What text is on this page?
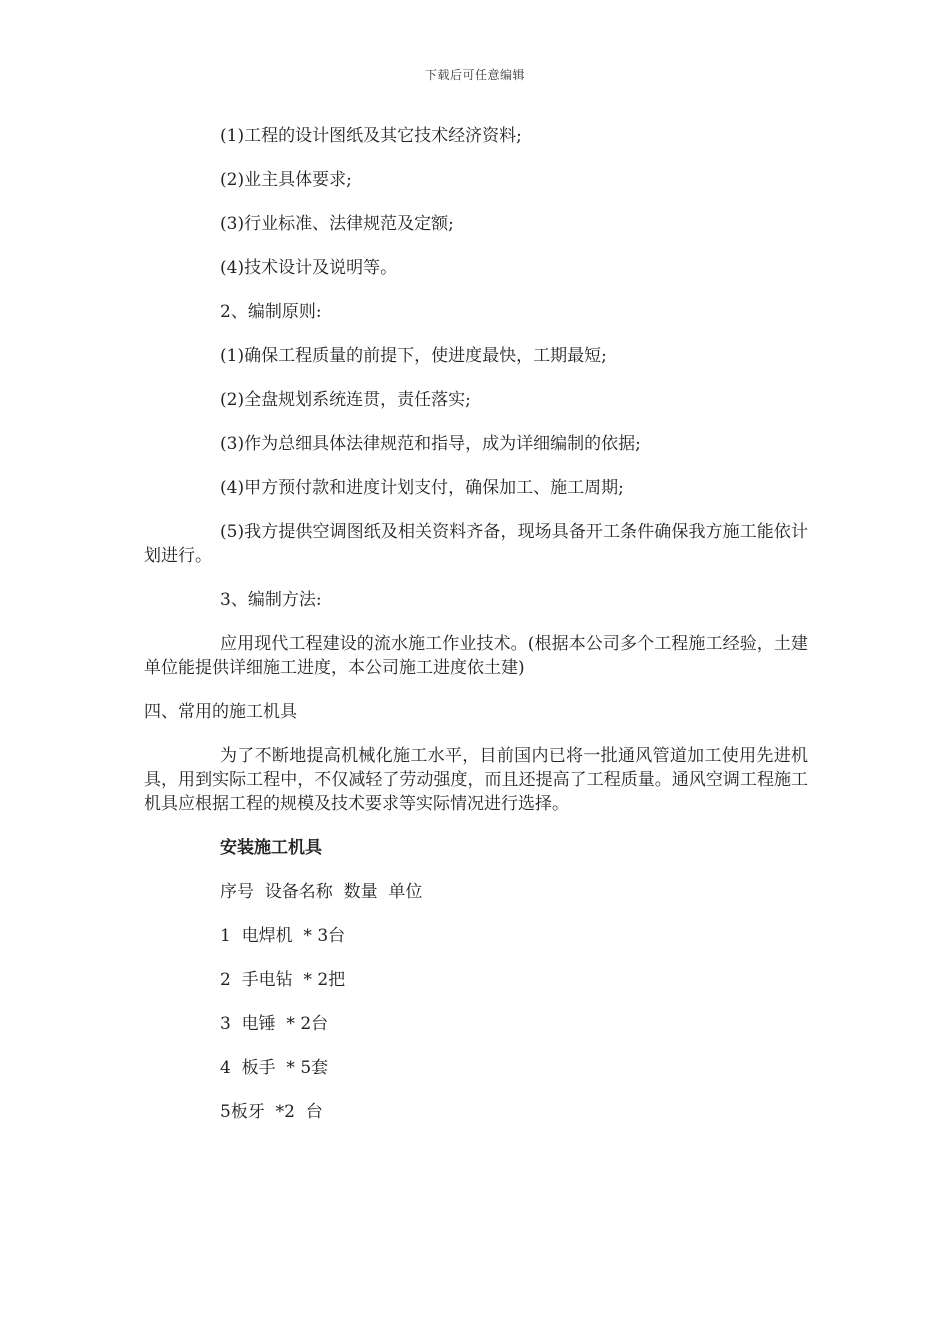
下载后可任意编辑

(1)工程的设计图纸及其它技术经济资料;

(2)业主具体要求;

(3)行业标准、法律规范及定额;

(4)技术设计及说明等。

2、编制原则:

(1)确保工程质量的前提下，使进度最快，工期最短;

(2)全盘规划系统连贯，责任落实;

(3)作为总细具体法律规范和指导，成为详细编制的依据;

(4)甲方预付款和进度计划支付，确保加工、施工周期;

(5)我方提供空调图纸及相关资料齐备，现场具备开工条件确保我方施工能依计划进行。

3、编制方法:

应用现代工程建设的流水施工作业技术。(根据本公司多个工程施工经验，土建单位能提供详细施工进度，本公司施工进度依土建)

四、常用的施工机具

为了不断地提高机械化施工水平，目前国内已将一批通风管道加工使用先进机具，用到实际工程中，不仅减轻了劳动强度，而且还提高了工程质量。通风空调工程施工机具应根据工程的规模及技术要求等实际情况进行选择。

安装施工机具

序号  设备名称  数量  单位

1  电焊机  * 3台

2  手电钻  * 2把

3  电锤  * 2台

4  板手  * 5套

5板牙  *2  台
